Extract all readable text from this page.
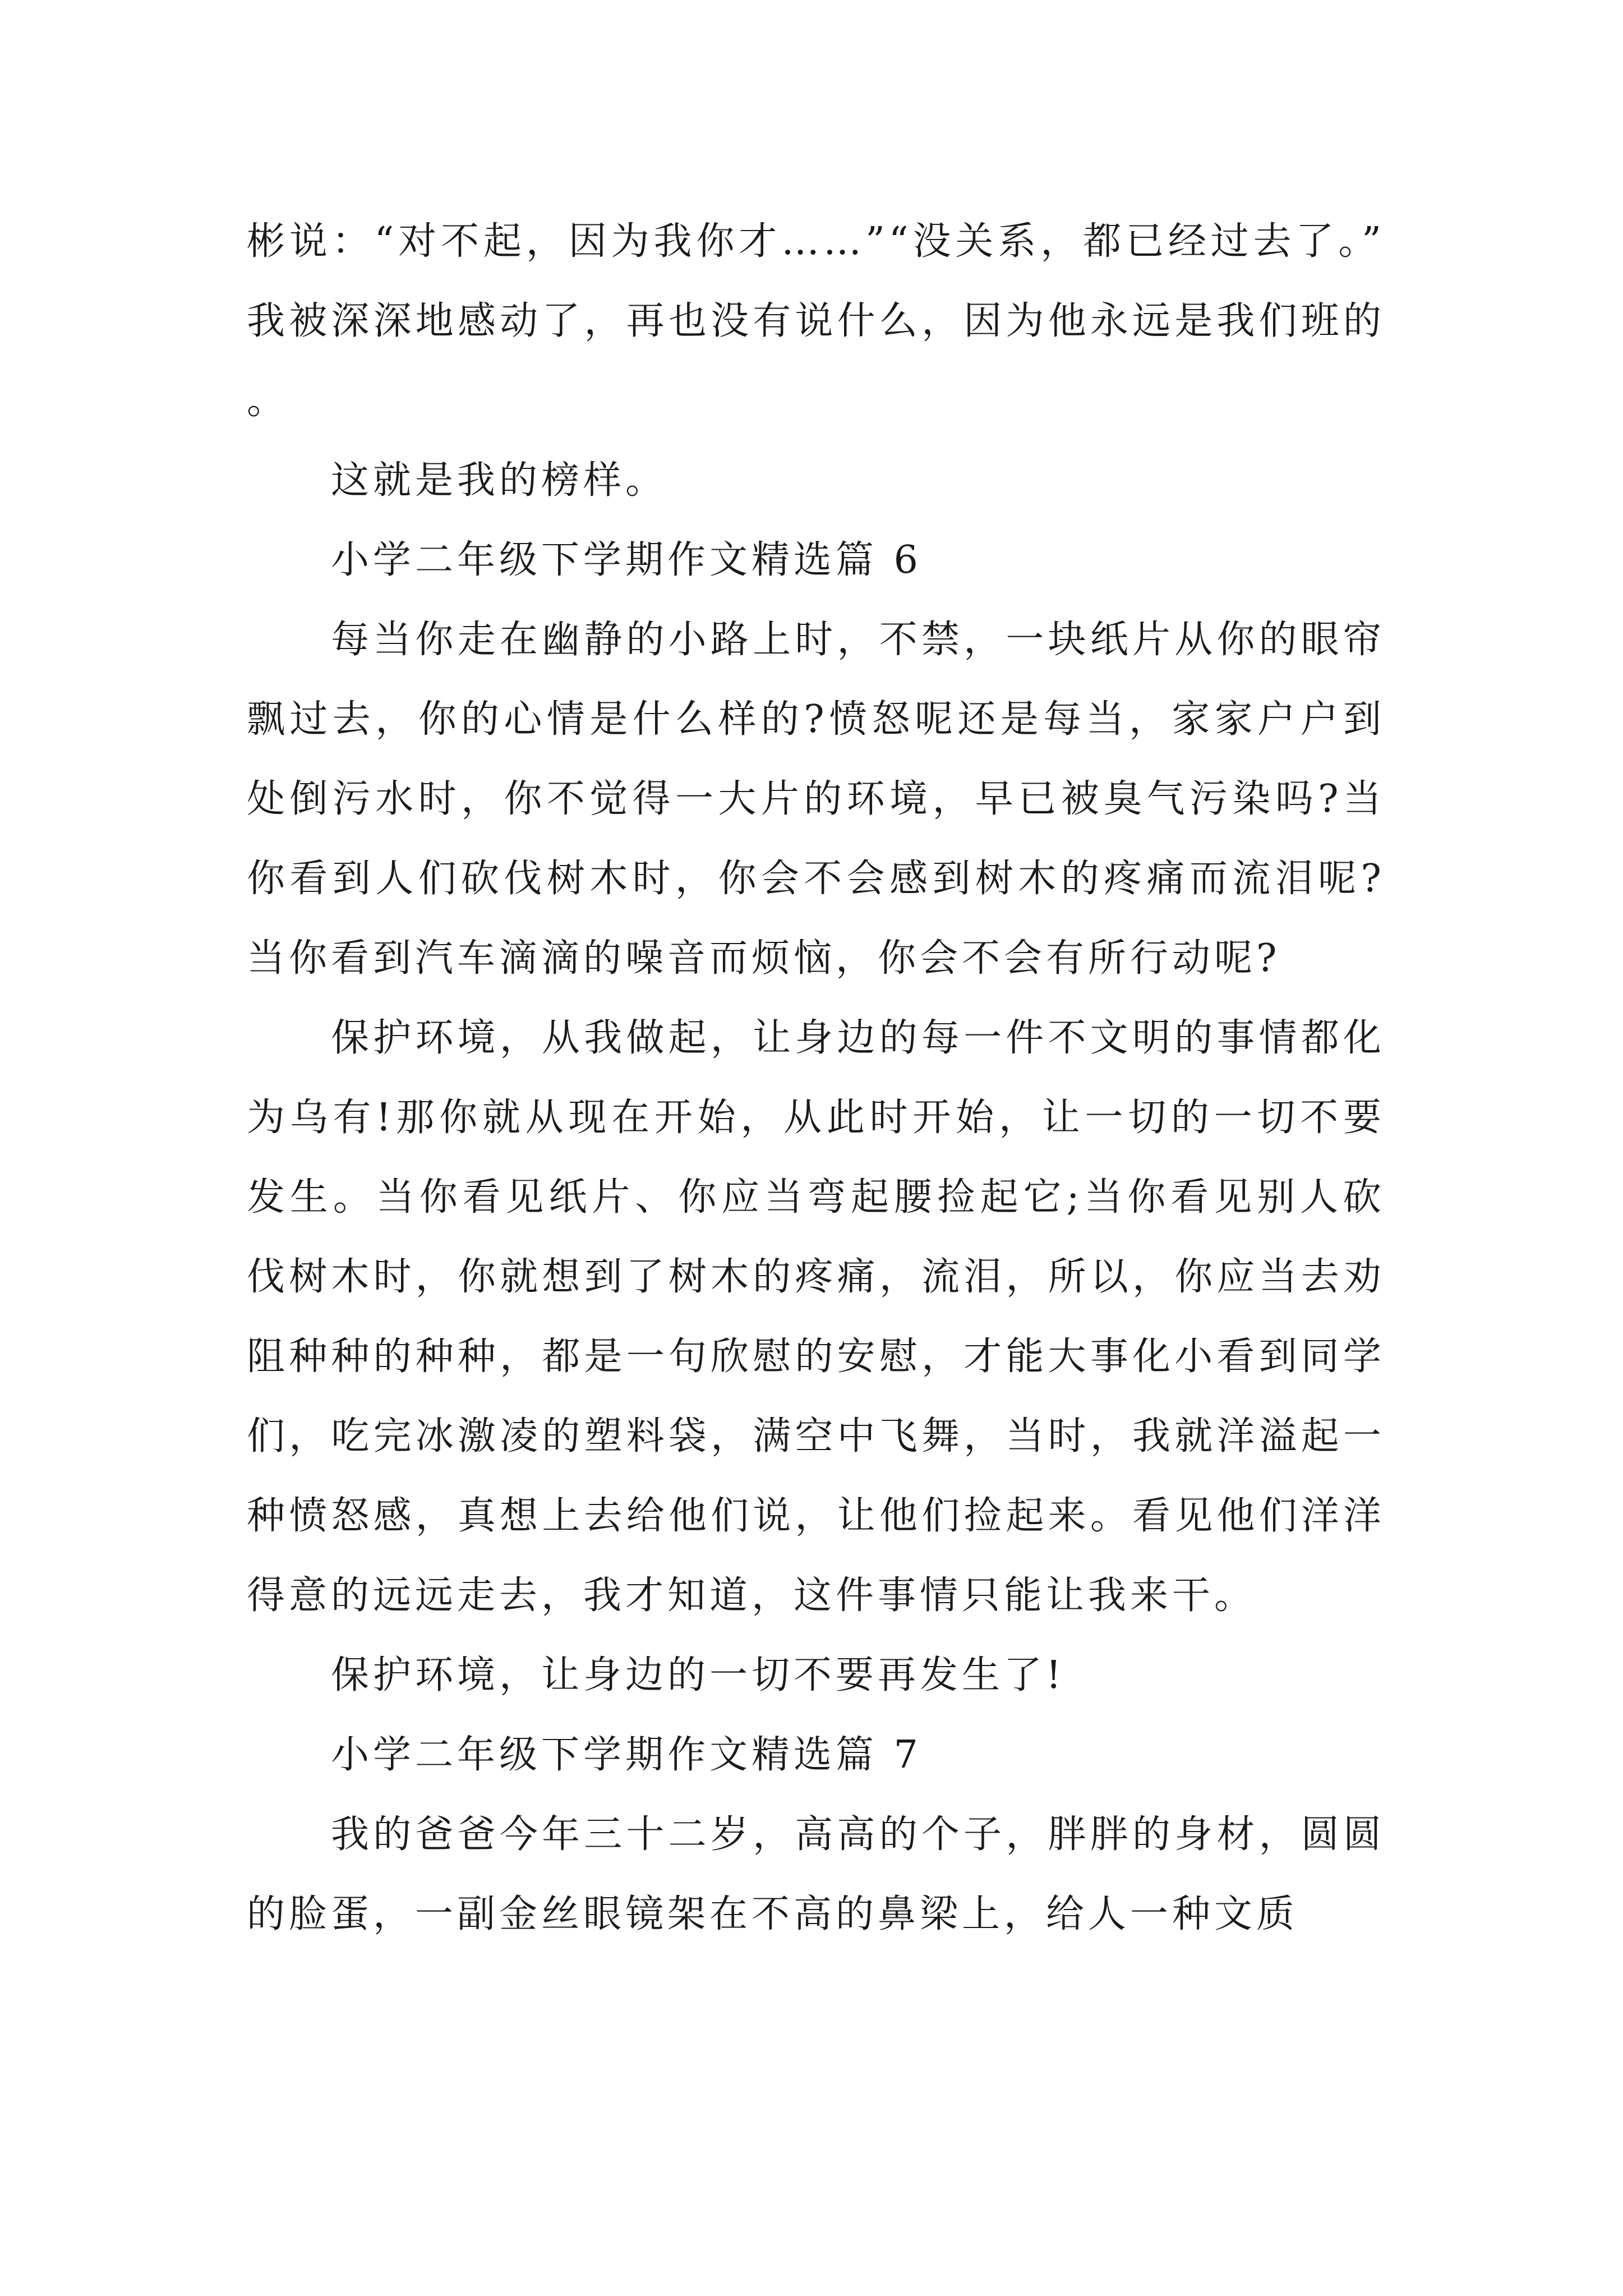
彬说：“对不起，因为我你才……”“没关系，都已经过去了。”我被深深地感动了，再也没有说什么，因为他永远是我们班的。

这就是我的榜样。

小学二年级下学期作文精选篇 6

每当你走在幽静的小路上时，不禁，一块纸片从你的眼帘飘过去，你的心情是什么样的?愤怒呢还是每当，家家户户到处倒污水时，你不觉得一大片的环境，早已被臭气污染吗?当你看到人们砍伐树木时，你会不会感到树木的疼痛而流泪呢?当你看到汽车滴滴的噪音而烦恼，你会不会有所行动呢?

保护环境，从我做起，让身边的每一件不文明的事情都化为乌有!那你就从现在开始，从此时开始，让一切的一切不要发生。当你看见纸片、你应当弯起腰捡起它;当你看见别人砍伐树木时，你就想到了树木的疼痛，流泪，所以，你应当去劝阻种种的种种，都是一句欣慰的安慰，才能大事化小看到同学们，吃完冰激凌的塑料袋，满空中飞舞，当时，我就洋溢起一种愤怒感，真想上去给他们说，让他们捡起来。看见他们洋洋得意的远远走去，我才知道，这件事情只能让我来干。

保护环境，让身边的一切不要再发生了!

小学二年级下学期作文精选篇 7

我的爸爸今年三十二岁，高高的个子，胖胖的身材，圆圆的脸蛋，一副金丝眼镜架在不高的鼻梁上，给人一种文质
